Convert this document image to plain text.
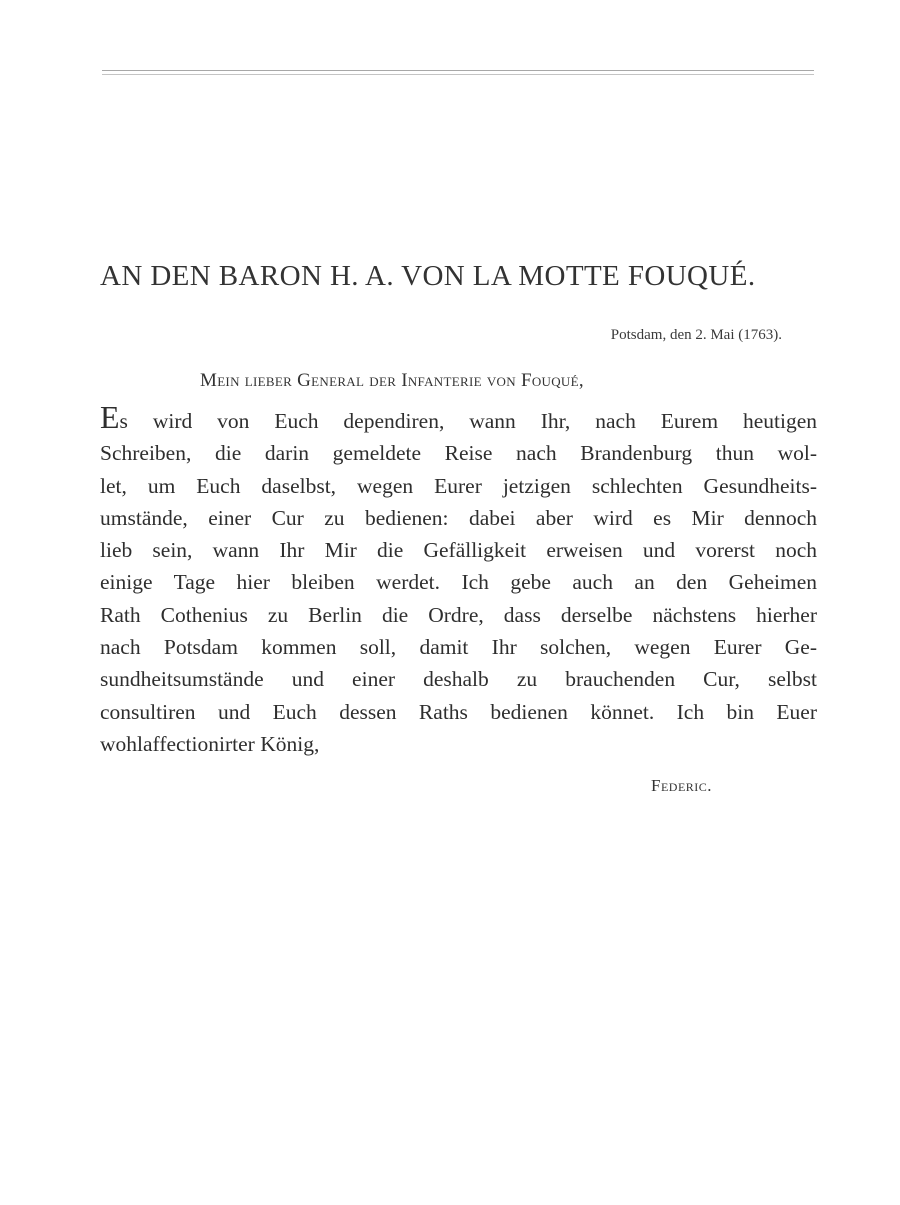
AN DEN BARON H. A. VON LA MOTTE FOUQUÉ.
Potsdam, den 2. Mai (1763).
Mein lieber General der Infanterie von Fouqué,
Es wird von Euch dependiren, wann Ihr, nach Eurem heutigen
Schreiben, die darin gemeldete Reise nach Brandenburg thun wol-
let, um Euch daselbst, wegen Eurer jetzigen schlechten Gesundheits-
umstände, einer Cur zu bedienen: dabei aber wird es Mir dennoch
lieb sein, wann Ihr Mir die Gefälligkeit erweisen und vorerst noch
einige Tage hier bleiben werdet. Ich gebe auch an den Geheimen
Rath Cothenius zu Berlin die Ordre, dass derselbe nächstens hierher
nach Potsdam kommen soll, damit Ihr solchen, wegen Eurer Ge-
sundheitsumstände und einer deshalb zu brauchenden Cur, selbst
consultiren und Euch dessen Raths bedienen könnet. Ich bin Euer
wohlaffectionirter König,
Federic.
